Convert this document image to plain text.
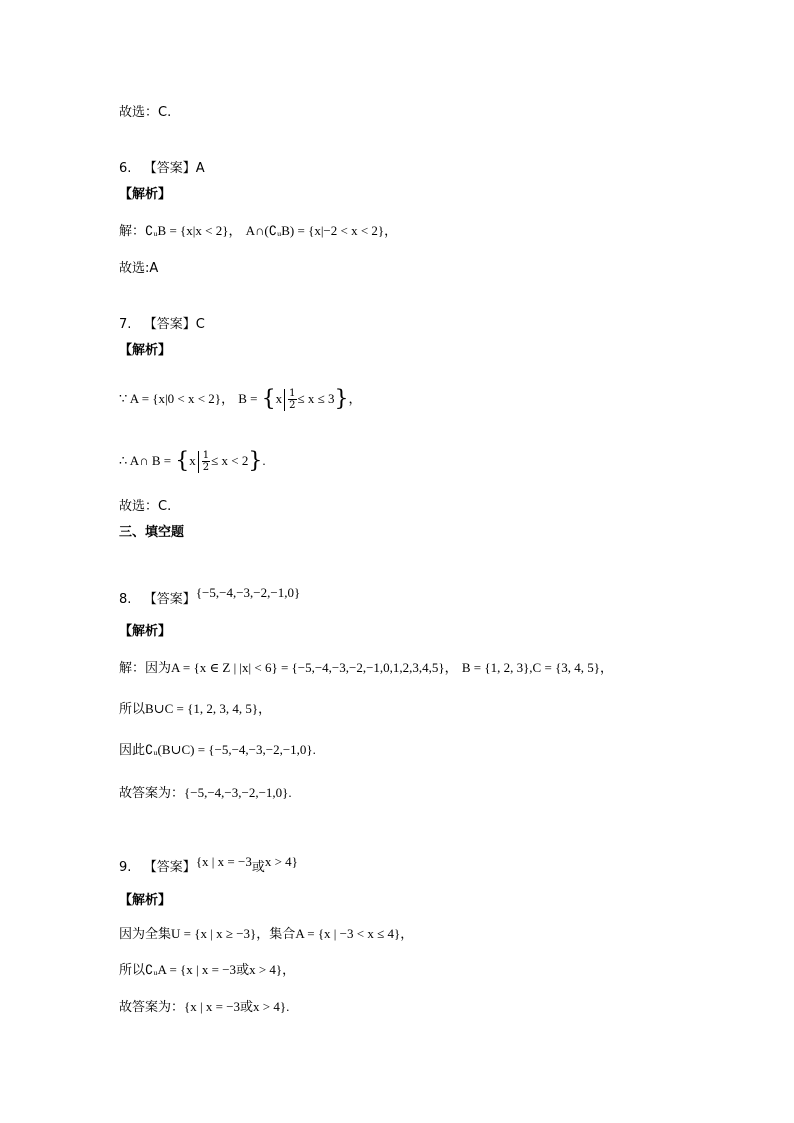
故选：C.
6.   【答案】A
【解析】
解：∁ᵤB = {x|x < 2}， A∩(∁ᵤB) = {x|−2 < x < 2}，
故选:A
7.   【答案】C
【解析】
∵ A = {x|0 < x < 2}， $B = \{x \frac{1}{2} \le x \le 3\}$，
∴ A∩ $B = \{x \frac{1}{2} \le x < 2\}$.
故选：C.
三、填空题
8.   【答案】{−5,−4,−3,−2,−1,0}
【解析】
解：因为A = {x ∈ Z | |x| < 6} = {−5,−4,−3,−2,−1,0,1,2,3,4,5}， B = {1, 2, 3},C = {3, 4, 5}，
所以B∪C = {1, 2, 3, 4, 5}，
因此∁ᵤ(B∪C) = {−5,−4,−3,−2,−1,0}.
故答案为：{−5,−4,−3,−2,−1,0}.
9.   【答案】{x | x = −3或x > 4}
【解析】
因为全集U = {x | x ≥ −3}，集合A = {x | −3 < x ≤ 4}，
所以∁ᵤA = {x | x = −3或x > 4}，
故答案为：{x | x = −3或x > 4}.
